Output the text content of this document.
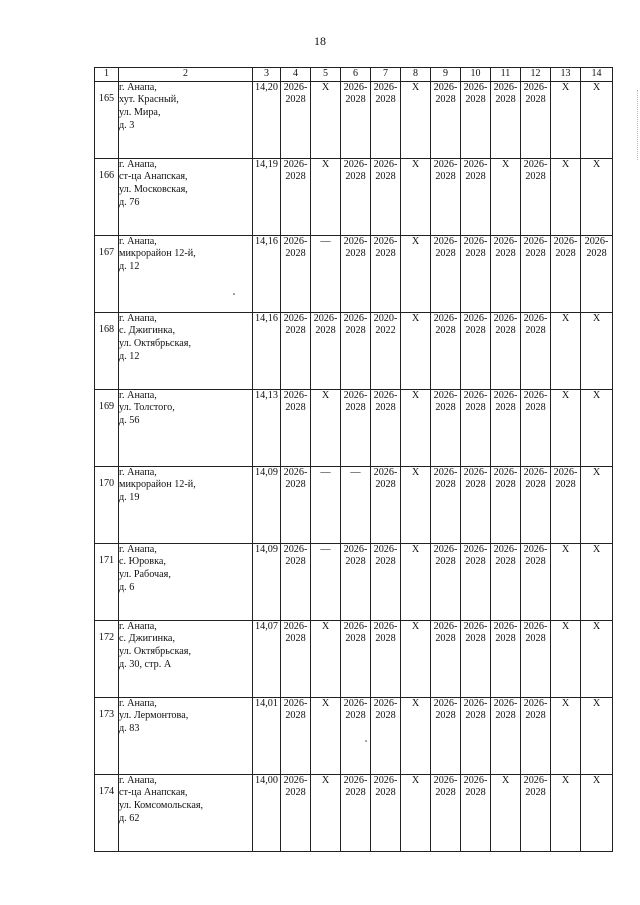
18
1	2	3	4	5	6	7	8	9	10	11	12	13	14
165	г. Анапа,
хут. Красный,
ул. Мира,
д. 3	14,20	2026-2028	X	2026-2028	2026-2028	X	2026-2028	2026-2028	2026-2028	2026-2028	X	X
166	г. Анапа,
ст-ца Анапская,
ул. Московская,
д. 76	14,19	2026-2028	X	2026-2028	2026-2028	X	2026-2028	2026-2028	X	2026-2028	X	X
167	г. Анапа,
микрорайон 12-й,
д. 12	14,16	2026-2028	—	2026-2028	2026-2028	X	2026-2028	2026-2028	2026-2028	2026-2028	2026-2028	2026-2028
168	г. Анапа,
с. Джигинка,
ул. Октябрьская,
д. 12	14,16	2026-2028	2026-2028	2026-2028	2020-2022	X	2026-2028	2026-2028	2026-2028	2026-2028	X	X
169	г. Анапа,
ул. Толстого,
д. 56	14,13	2026-2028	X	2026-2028	2026-2028	X	2026-2028	2026-2028	2026-2028	2026-2028	X	X
170	г. Анапа,
микрорайон 12-й,
д. 19	14,09	2026-2028	—	—	2026-2028	X	2026-2028	2026-2028	2026-2028	2026-2028	2026-2028	X
171	г. Анапа,
с. Юровка,
ул. Рабочая,
д. 6	14,09	2026-2028	—	2026-2028	2026-2028	X	2026-2028	2026-2028	2026-2028	2026-2028	X	X
172	г. Анапа,
с. Джигинка,
ул. Октябрьская,
д. 30, стр. А	14,07	2026-2028	X	2026-2028	2026-2028	X	2026-2028	2026-2028	2026-2028	2026-2028	X	X
173	г. Анапа,
ул. Лермонтова,
д. 83	14,01	2026-2028	X	2026-2028	2026-2028	X	2026-2028	2026-2028	2026-2028	2026-2028	X	X
174	г. Анапа,
ст-ца Анапская,
ул. Комсомольская,
д. 62	14,00	2026-2028	X	2026-2028	2026-2028	X	2026-2028	2026-2028	X	2026-2028	X	X
